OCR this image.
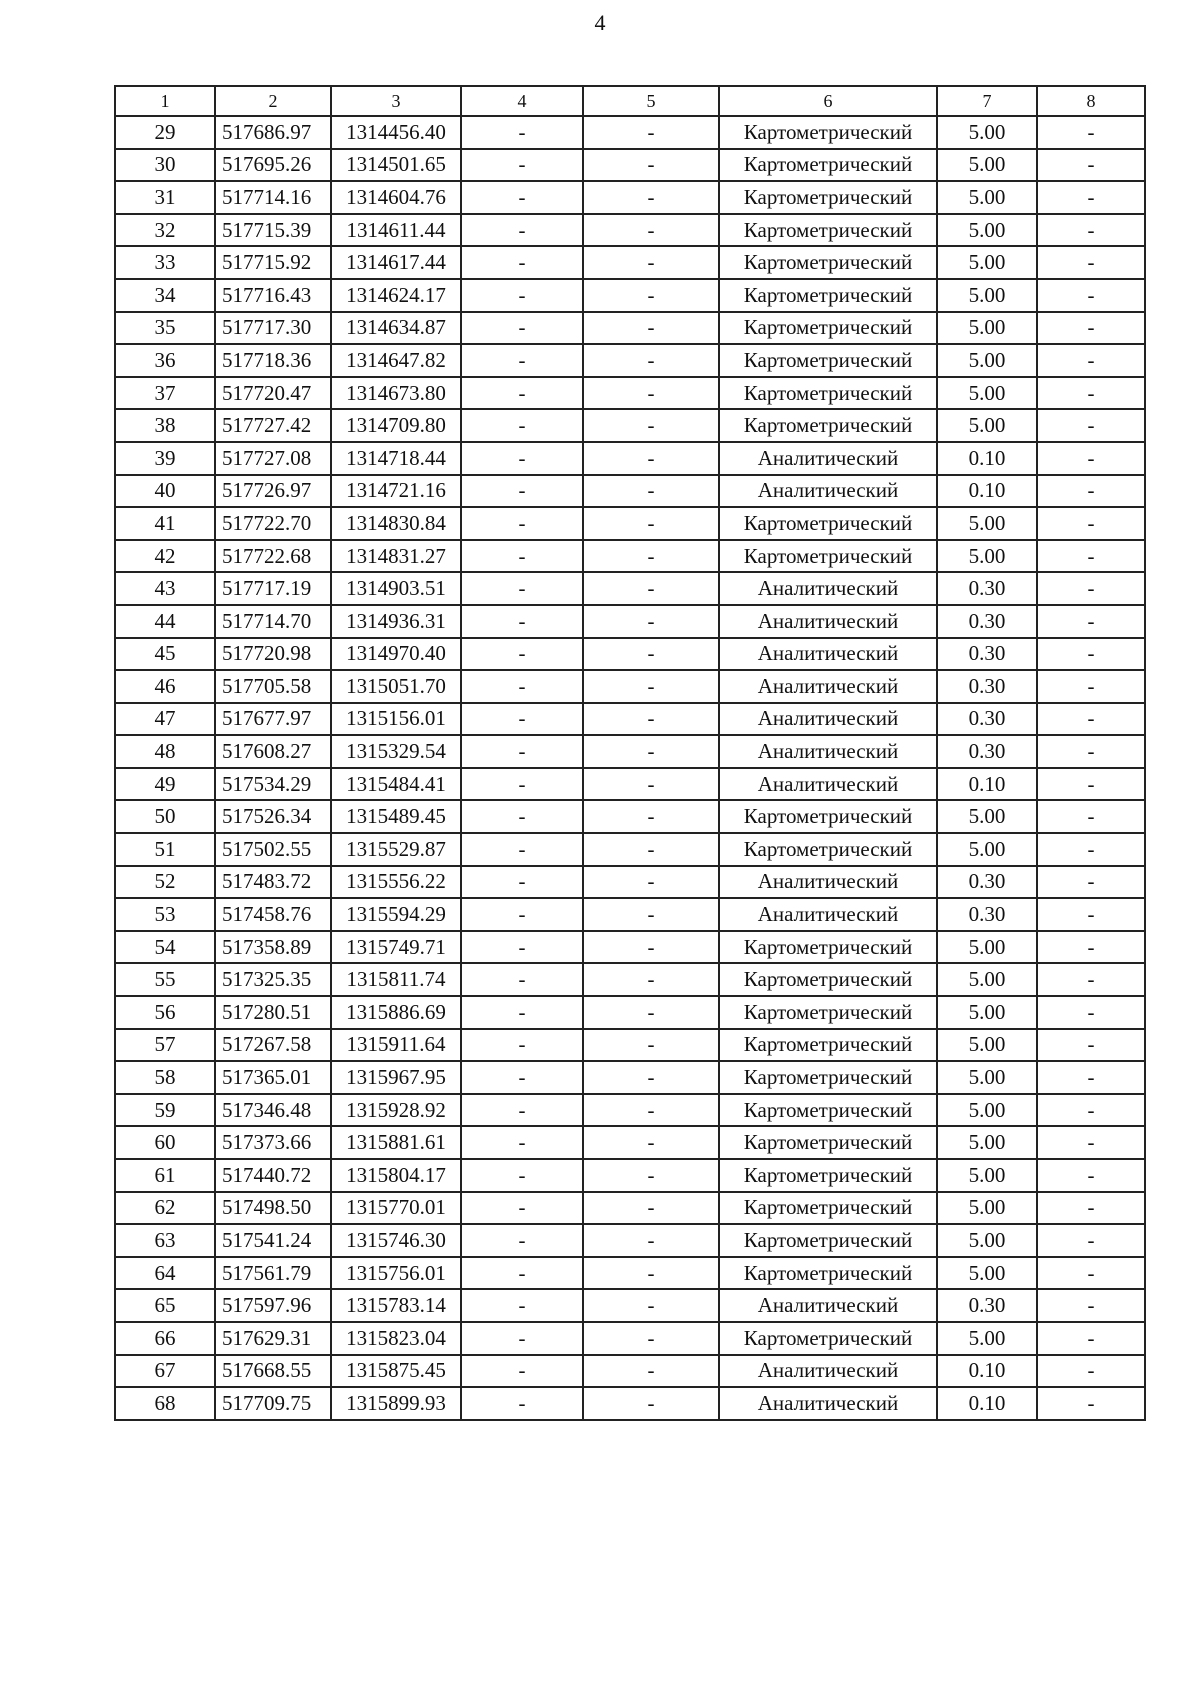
4
1	2	3	4	5	6	7	8
29	517686.97	1314456.40	-	-	Картометрический	5.00	-
30	517695.26	1314501.65	-	-	Картометрический	5.00	-
31	517714.16	1314604.76	-	-	Картометрический	5.00	-
32	517715.39	1314611.44	-	-	Картометрический	5.00	-
33	517715.92	1314617.44	-	-	Картометрический	5.00	-
34	517716.43	1314624.17	-	-	Картометрический	5.00	-
35	517717.30	1314634.87	-	-	Картометрический	5.00	-
36	517718.36	1314647.82	-	-	Картометрический	5.00	-
37	517720.47	1314673.80	-	-	Картометрический	5.00	-
38	517727.42	1314709.80	-	-	Картометрический	5.00	-
39	517727.08	1314718.44	-	-	Аналитический	0.10	-
40	517726.97	1314721.16	-	-	Аналитический	0.10	-
41	517722.70	1314830.84	-	-	Картометрический	5.00	-
42	517722.68	1314831.27	-	-	Картометрический	5.00	-
43	517717.19	1314903.51	-	-	Аналитический	0.30	-
44	517714.70	1314936.31	-	-	Аналитический	0.30	-
45	517720.98	1314970.40	-	-	Аналитический	0.30	-
46	517705.58	1315051.70	-	-	Аналитический	0.30	-
47	517677.97	1315156.01	-	-	Аналитический	0.30	-
48	517608.27	1315329.54	-	-	Аналитический	0.30	-
49	517534.29	1315484.41	-	-	Аналитический	0.10	-
50	517526.34	1315489.45	-	-	Картометрический	5.00	-
51	517502.55	1315529.87	-	-	Картометрический	5.00	-
52	517483.72	1315556.22	-	-	Аналитический	0.30	-
53	517458.76	1315594.29	-	-	Аналитический	0.30	-
54	517358.89	1315749.71	-	-	Картометрический	5.00	-
55	517325.35	1315811.74	-	-	Картометрический	5.00	-
56	517280.51	1315886.69	-	-	Картометрический	5.00	-
57	517267.58	1315911.64	-	-	Картометрический	5.00	-
58	517365.01	1315967.95	-	-	Картометрический	5.00	-
59	517346.48	1315928.92	-	-	Картометрический	5.00	-
60	517373.66	1315881.61	-	-	Картометрический	5.00	-
61	517440.72	1315804.17	-	-	Картометрический	5.00	-
62	517498.50	1315770.01	-	-	Картометрический	5.00	-
63	517541.24	1315746.30	-	-	Картометрический	5.00	-
64	517561.79	1315756.01	-	-	Картометрический	5.00	-
65	517597.96	1315783.14	-	-	Аналитический	0.30	-
66	517629.31	1315823.04	-	-	Картометрический	5.00	-
67	517668.55	1315875.45	-	-	Аналитический	0.10	-
68	517709.75	1315899.93	-	-	Аналитический	0.10	-
